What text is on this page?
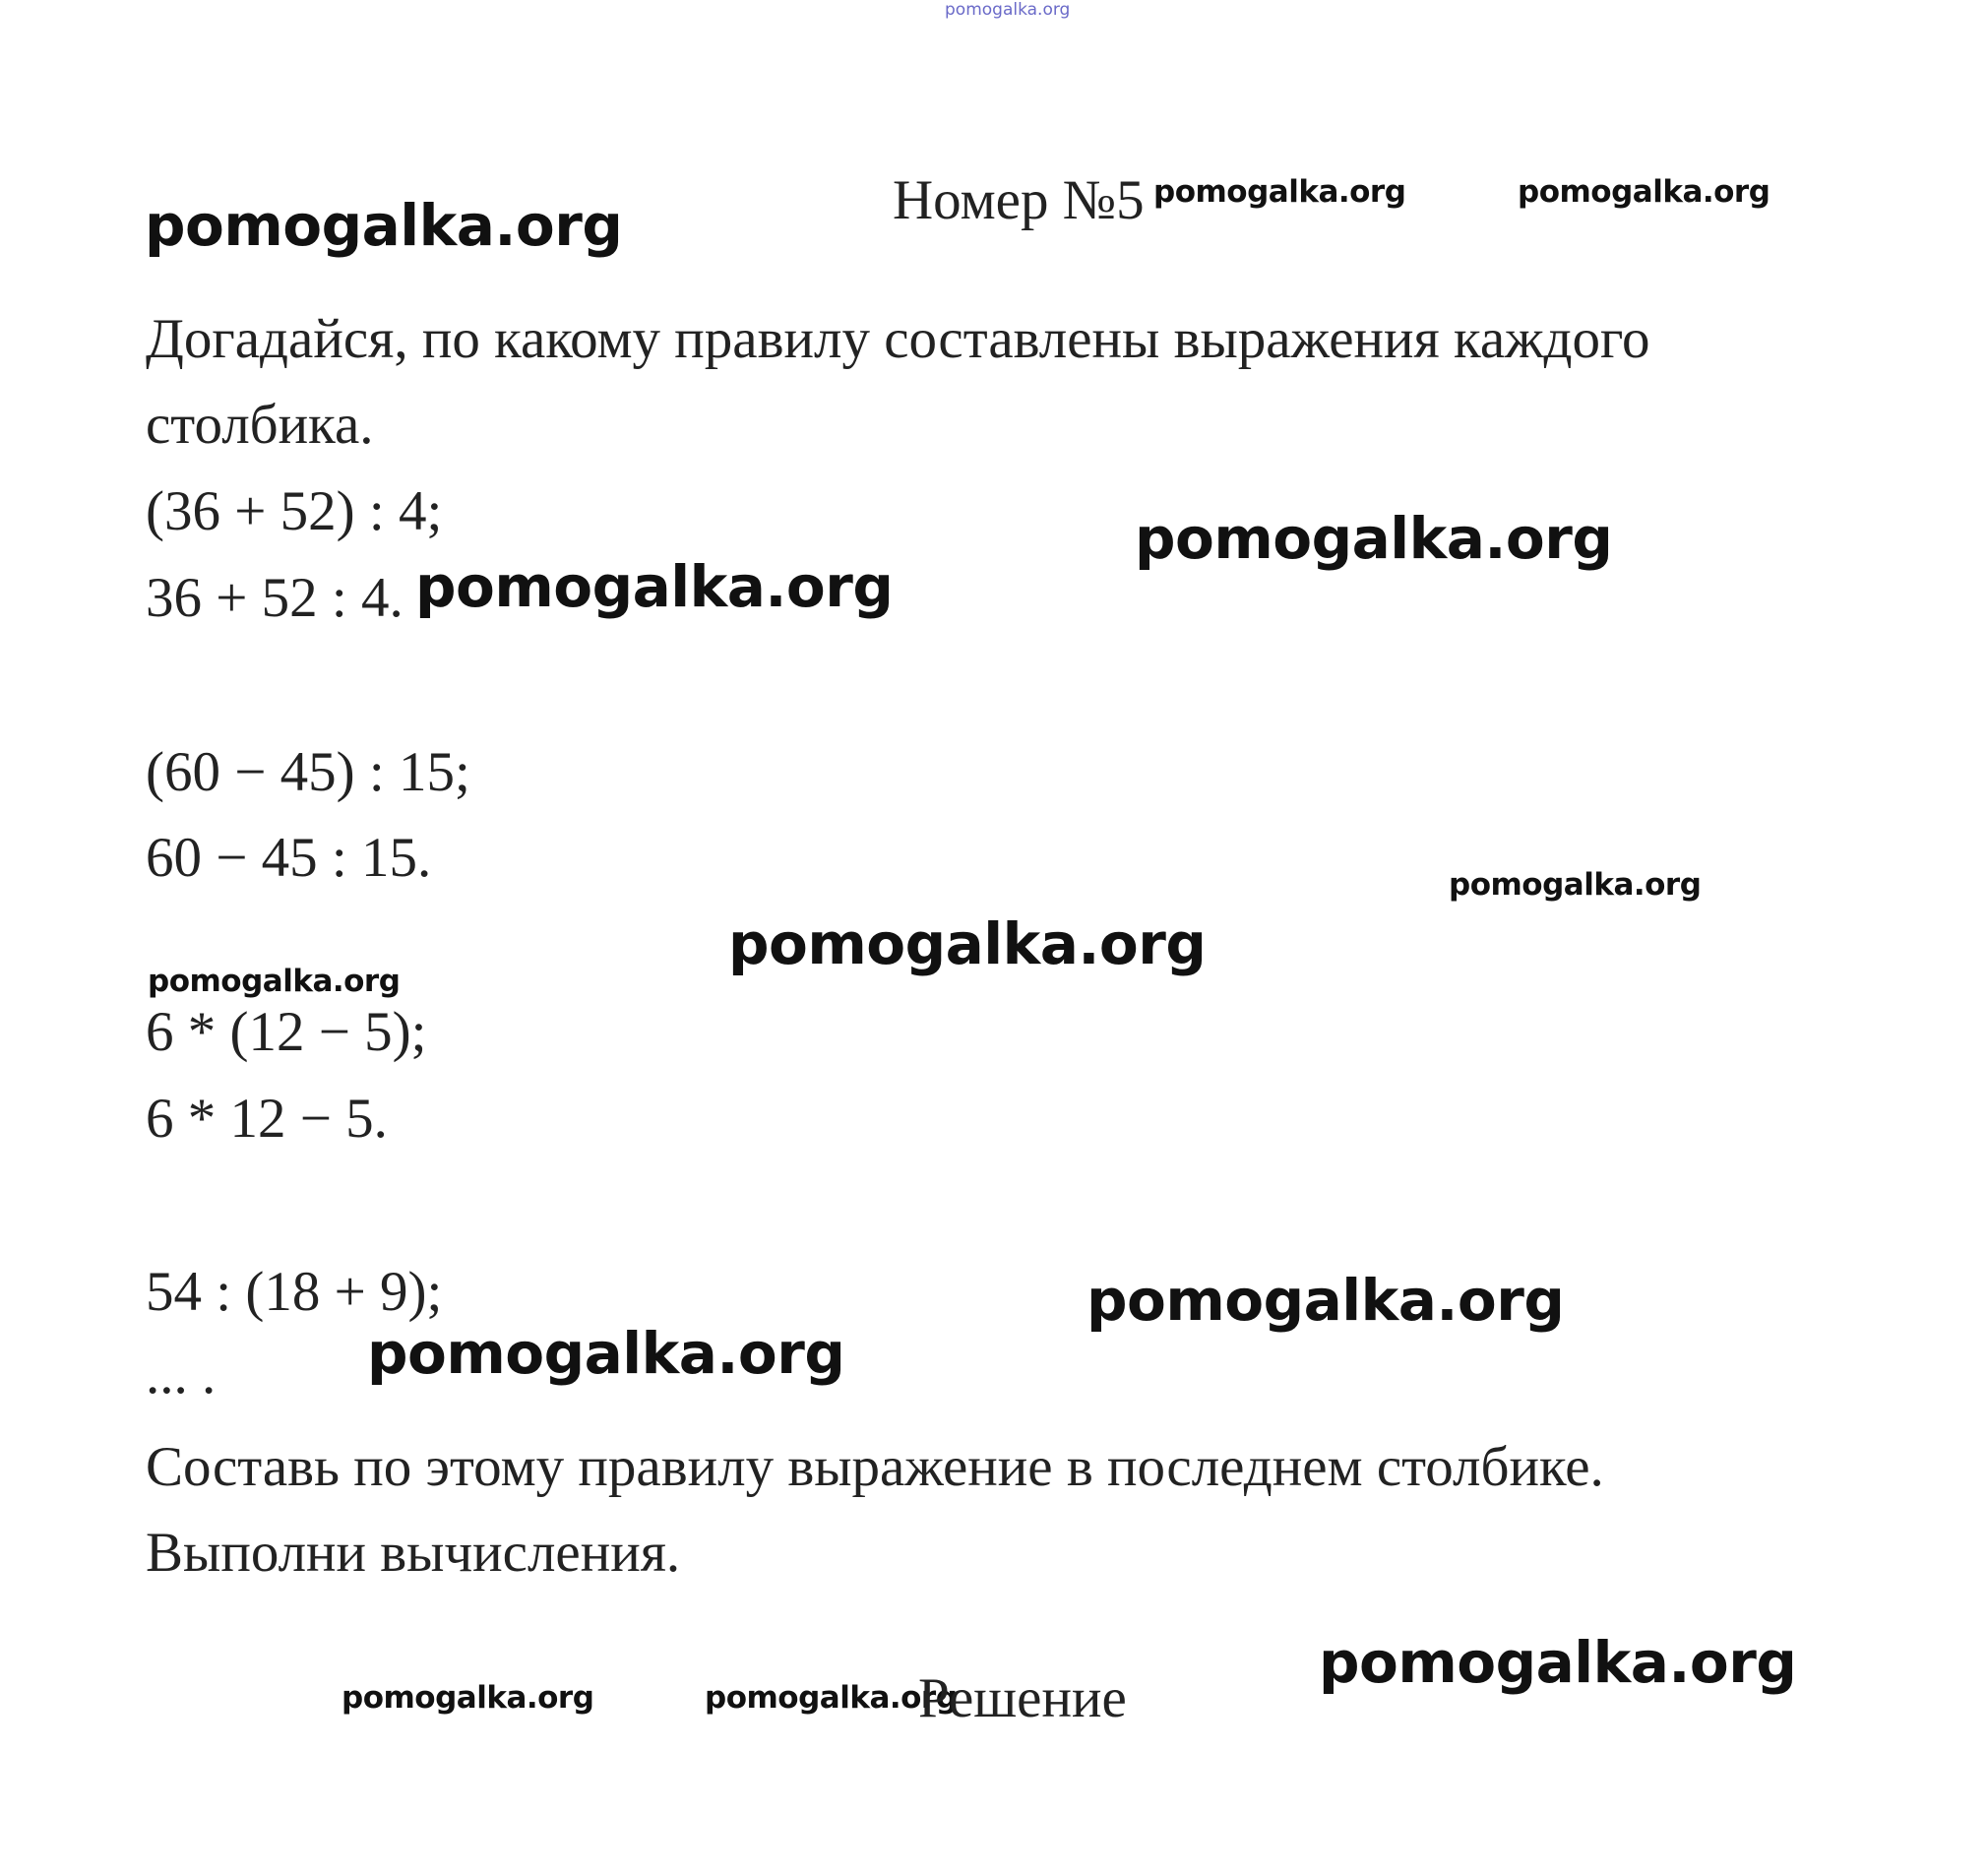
pomogalka.org
pomogalka.org	Номер №5 pomogalka.org	pomogalka.org
Догадайся, по какому правилу составлены выражения каждого
столбика.
(36 + 52) : 4;
36 + 52 : 4. pomogalka.org
pomogalka.org
(60 − 45) : 15;
60 − 45 : 15.	pomogalka.org
pomogalka.org
pomogalka.org
6 * (12 − 5);
6 * 12 − 5.
54 : (18 + 9);
... .
pomogalka.org
pomogalka.org
Составь по этому правилу выражение в последнем столбике.
Выполни вычисления.
pomogalka.org	pomogalka.org
Решение
pomogalka.org
